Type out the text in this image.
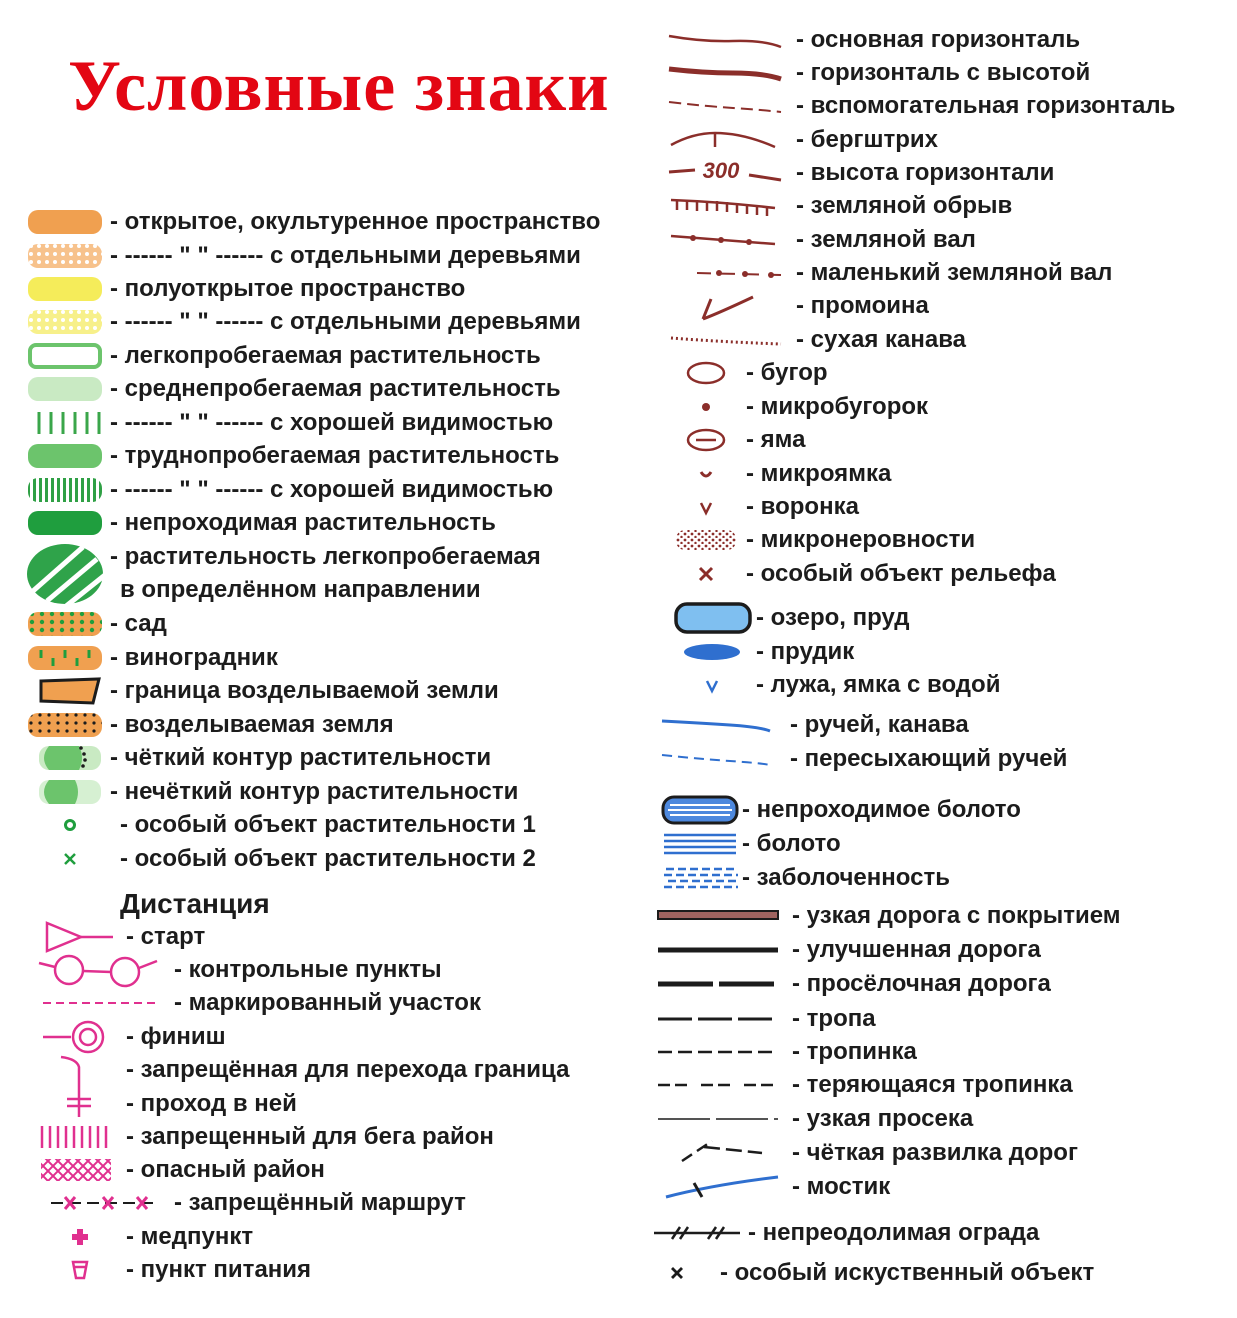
Условные знаки
- открытое, окультуренное пространство
- ------ " " ------ с отдельными деревьями
- полуоткрытое пространство
- ------ " " ------ с отдельными деревьями
- легкопробегаемая растительность
- среднепробегаемая растительность
- ------ " " ------ с хорошей видимостью
- труднопробегаемая растительность
- ------ " " ------ с хорошей видимостью
- непроходимая растительность
- растительность легкопробегаемая
в определённом направлении
- сад
- виноградник
- граница возделываемой земли
- возделываемая земля
- чёткий контур растительности
- нечёткий контур растительности
- особый объект растительности 1
- особый объект растительности 2
Дистанция
- старт
- контрольные пункты
- маркированный участок
- финиш
- запрещённая для перехода граница
- проход в ней
- запрещенный для бега район
- опасный район
- запрещённый маршрут
- медпункт
- пункт питания
- основная горизонталь
- горизонталь с высотой
- вспомогательная горизонталь
- бергштрих
300 - высота горизонтали
- земляной обрыв
- земляной вал
- маленький земляной вал
- промоина
- сухая канава
- бугор
- микробугорок
- яма
- микроямка
- воронка
- микронеровности
- особый объект рельефа
- озеро, пруд
- прудик
- лужа, ямка с водой
- ручей, канава
- пересыхающий ручей
- непроходимое болото
- болото
- заболоченность
- узкая дорога с покрытием
- улучшенная дорога
- просёлочная дорога
- тропа
- тропинка
- теряющаяся тропинка
- узкая просека
- чёткая развилка дорог
- мостик
- непреодолимая ограда
- особый искуственный объект
